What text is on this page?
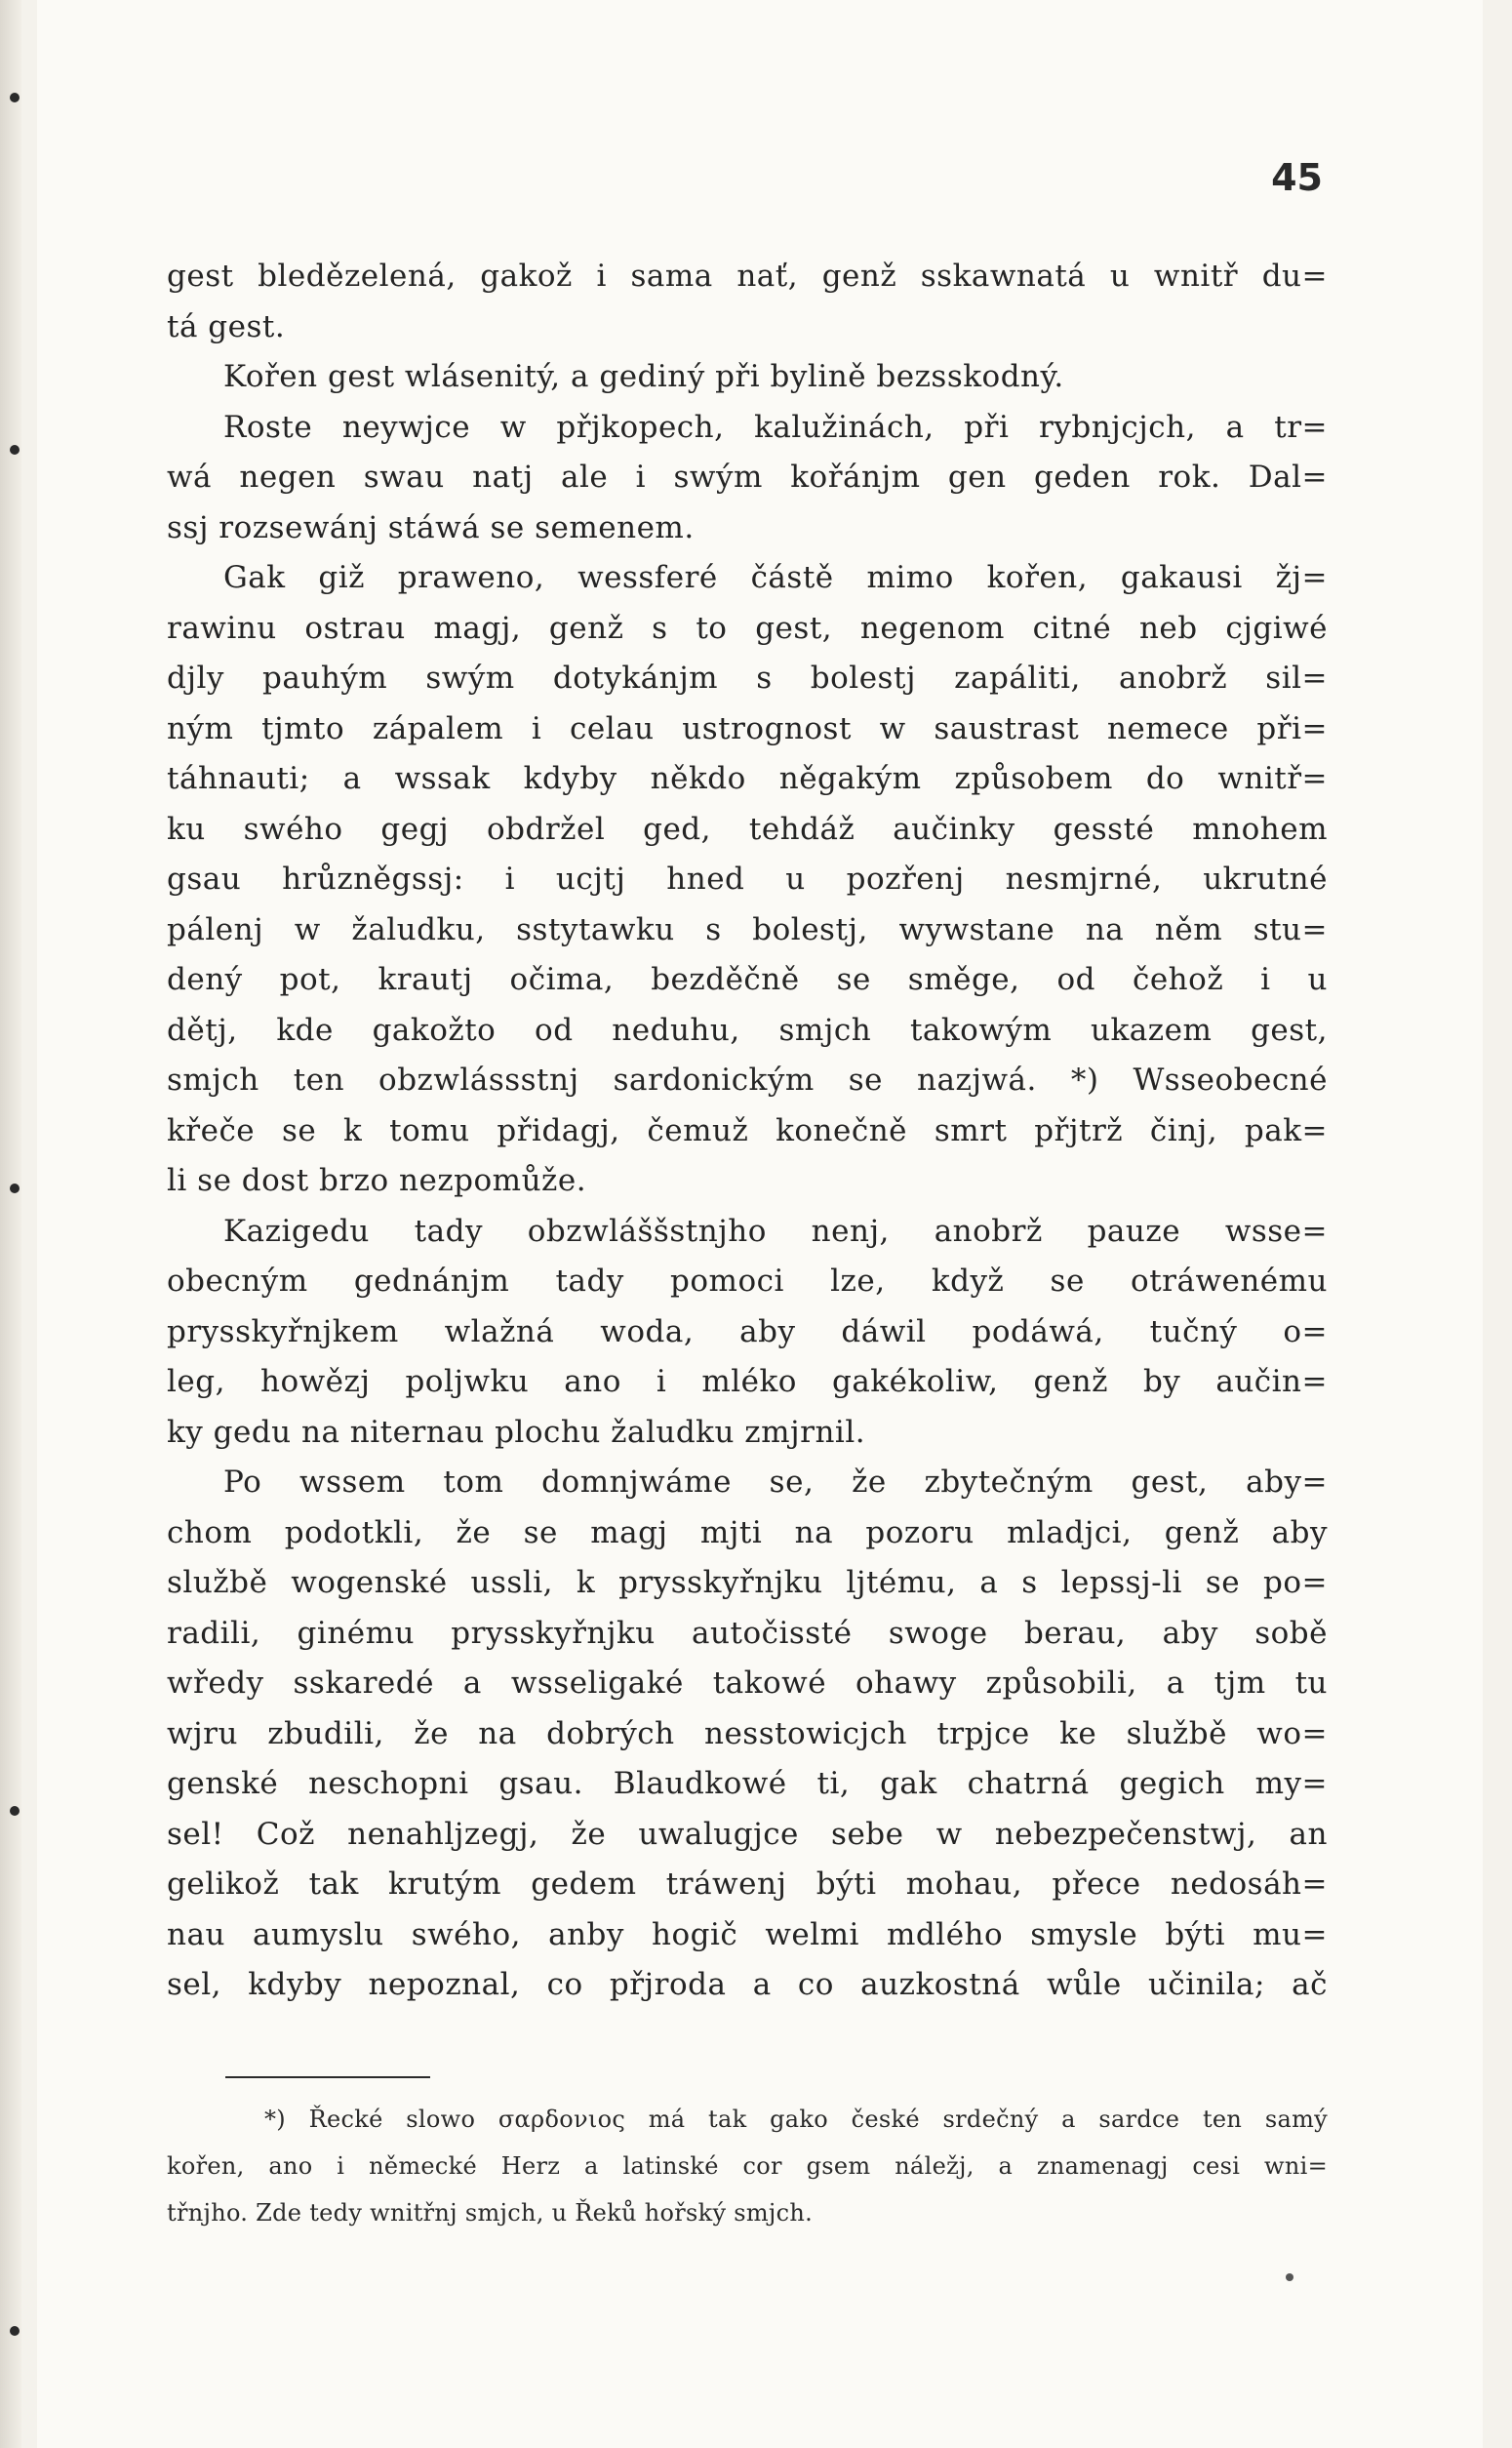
45
gest bledězelená, gakož i sama nať, genž sskawnatá u wnitř du=
tá gest.
Kořen gest wlásenitý, a gediný při bylině bezsskodný.
Roste neywjce w přjkopech, kalužinách, při rybnjcjch, a tr=
wá negen swau natj ale i swým kořánjm gen geden rok. Dal=
ssj rozsewánj stáwá se semenem.
Gak giž praweno, wessferé částě mimo kořen, gakausi žj=
rawinu ostrau magj, genž s to gest, negenom citné neb cjgiwé
djly pauhým swým dotykánjm s bolestj zapáliti, anobrž sil=
ným tjmto zápalem i celau ustrognost w saustrast nemece při=
táhnauti; a wssak kdyby někdo něgakým způsobem do wnitř=
ku swého gegj obdržel ged, tehdáž aučinky gessté mnohem
gsau hrůzněgssj: i ucjtj hned u pozřenj nesmjrné, ukrutné
pálenj w žaludku, sstytawku s bolestj, wywstane na něm stu=
dený pot, krautj očima, bezděčně se směge, od čehož i u
dětj, kde gakožto od neduhu, smjch takowým ukazem gest,
smjch ten obzwlássstnj sardonickým se nazjwá. *) Wsseobecné
křeče se k tomu přidagj, čemuž konečně smrt přjtrž činj, pak=
li se dost brzo nezpomůže.
Kazigedu tady obzwláššstnjho nenj, anobrž pauze wsse=
obecným gednánjm tady pomoci lze, když se otráwenému
prysskyřnjkem wlažná woda, aby dáwil podáwá, tučný o=
leg, howězj poljwku ano i mléko gakékoliw, genž by aučin=
ky gedu na niternau plochu žaludku zmjrnil.
Po wssem tom domnjwáme se, že zbytečným gest, aby=
chom podotkli, že se magj mjti na pozoru mladjci, genž aby
službě wogenské ussli, k prysskyřnjku ljtému, a s lepssj-li se po=
radili, ginému prysskyřnjku autočissté swoge berau, aby sobě
wředy sskaredé a wsseligaké takowé ohawy způsobili, a tjm tu
wjru zbudili, že na dobrých nesstowicjch trpjce ke službě wo=
genské neschopni gsau. Blaudkowé ti, gak chatrná gegich my=
sel! Což nenahljzegj, že uwalugjce sebe w nebezpečenstwj, an
gelikož tak krutým gedem tráwenj býti mohau, přece nedosáh=
nau aumyslu swého, anby hogič welmi mdlého smysle býti mu=
sel, kdyby nepoznal, co přjroda a co auzkostná wůle učinila; ač
*) Řecké slowo σαρδονιος má tak gako české srdečný a sardce ten samý
kořen, ano i německé Herz a latinské cor gsem náležj, a znamenagj cesi wni=
třnjho. Zde tedy wnitřnj smjch, u Řeků hořský smjch.
